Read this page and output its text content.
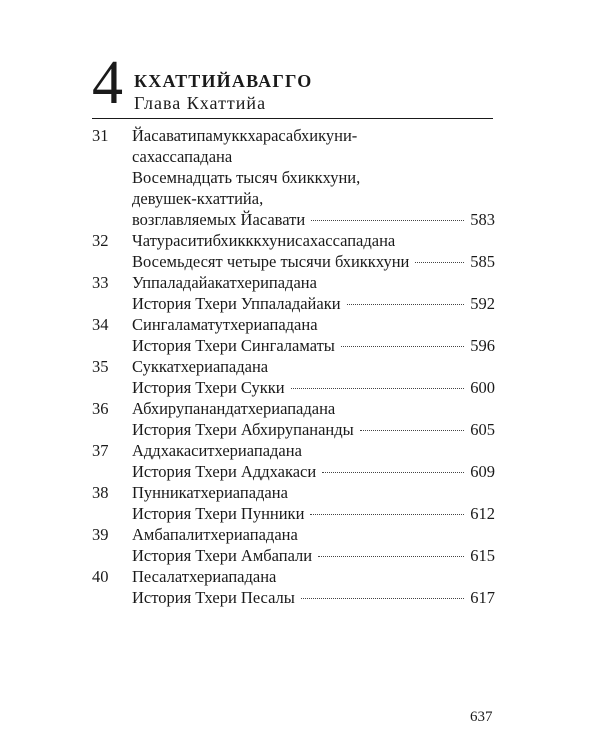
4 КХАТТИЙАВАГГО
Глава Кхаттийа
31 Йасаватипамуккхарасабхикуни-
сахассападана
Восемнадцать тысяч бхиккхуни,
девушек-кхаттийа,
возглавляемых Йасавати	583
32 Чатураситибхикккхунисахассападана
Восемьдесят четыре тысячи бхиккхуни	585
33 Уппаладайакатхерипадана
История Тхери Уппаладайаки	592
34 Сингаламатутхериападана
История Тхери Сингаламаты	596
35 Суккатхериападана
История Тхери Сукки	600
36 Абхирупанандатхериападана
История Тхери Абхирупананды	605
37 Аддхакаситхериападана
История Тхери Аддхакаси	609
38 Пунникатхериападана
История Тхери Пунники	612
39 Амбапалитхериападана
История Тхери Амбапали	615
40 Песалатхериападана
История Тхери Песалы	617
637
